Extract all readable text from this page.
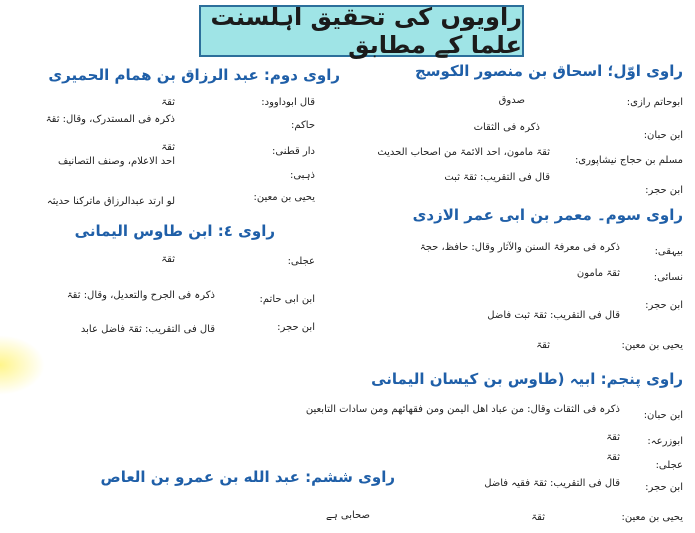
راویوں کی تحقیق اہلسنت علما کے مطابق
راوی اوّل؛ اسحاق بن منصور الکوسج
ابوحاتم رازی:
صدوق
ابن حبان:
ذکرہ فی الثقات
مسلم بن حجاج نیشاپوری:
ثقۃ مامون، احد الائمۃ من اصحاب الحدیث
ابن حجر:
قال فی التقریب: ثقۃ ثبت
راوی دوم: عبد الرزاق بن همام الحمیری
قال ابوداوود:
ثقۃ
حاکم:
ذکرہ فی المستدرک، وقال: ثقۃ
دار قطنی:
ثقۃ
ذہبی:
احد الاعلام، وصنف التصانیف
یحیی بن معین:
لو ارتد عبدالرزاق ماترکنا حدیثہ
راوی سوم۔ معمر بن ابی عمر الازدی
بیہقی:
ذکرہ فی معرفۃ السنن والآثار وقال: حافظ، حجۃ
نسائی:
ثقۃ مامون
ابن حجر:
قال فی التقریب: ثقۃ ثبت فاضل
یحیی بن معین:
ثقۃ
راوی ٤: ابن طاوس الیمانی
عجلی:
ثقۃ
ابن ابی حاتم:
ذکرہ فی الجرح والتعدیل، وقال: ثقۃ
ابن حجر:
قال فی التقریب: ثقۃ فاضل عابد
راوی پنجم: ابیہ (طاوس بن کیسان الیمانی
ابن حبان:
ذکرہ فی الثقات وقال: من عباد اهل الیمن ومن فقهائهم ومن سادات التابعین
ابوزرعہ:
ثقۃ
عجلی:
ثقۃ
ابن حجر:
قال فی التقریب: ثقۃ فقیہ فاضل
یحیی بن معین:
ثقۃ
راوی ششم: عبد الله بن عمرو بن العاص
صحابی ہے
